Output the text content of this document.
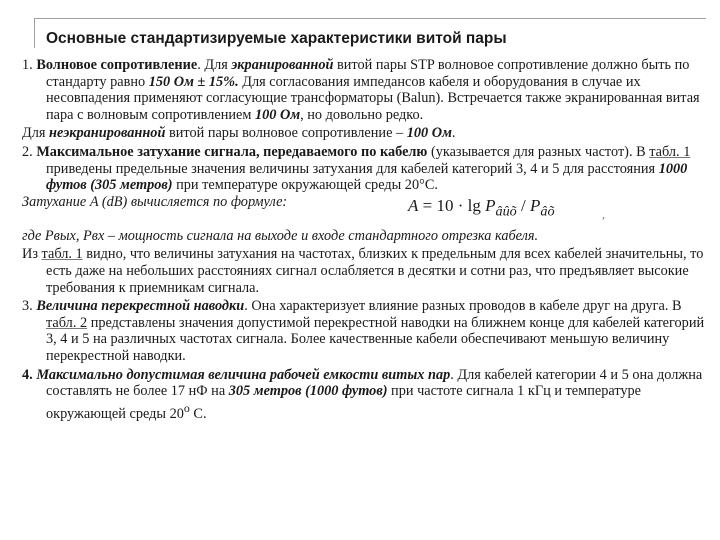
Основные стандартизируемые характеристики витой пары

1. Волновое сопротивление. Для экранированной витой пары STP волновое сопротивление должно быть по стандарту равно 150 Ом ± 15%. Для согласования импедансов кабеля и оборудования в случае их несовпадения применяют согласующие трансформаторы (Balun). Встречается также экранированная витая пара с волновым сопротивлением 100 Ом, но довольно редко.

Для неэкранированной витой пары волновое сопротивление – 100 Ом.

2. Максимальное затухание сигнала, передаваемого по кабелю (указывается для разных частот). В табл. 1 приведены предельные значения величины затухания для кабелей категорий 3, 4 и 5 для расстояния 1000 футов (305 метров) при температуре окружающей среды 20°С.

Затухание A (dB) вычисляется по формуле:	$A = 10 \cdot \lg P_{âûõ} / P_{âõ}$	,

где Рвых, Рвх – мощность сигнала на выходе и входе стандартного отрезка кабеля.

Из табл. 1 видно, что величины затухания на частотах, близких к предельным для всех кабелей значительны, то есть даже на небольших расстояниях сигнал ослабляется в десятки и сотни раз, что предъявляет высокие требования к приемникам сигнала.

3. Величина перекрестной наводки. Она характеризует влияние разных проводов в кабеле друг на друга. В табл. 2 представлены значения допустимой перекрестной наводки на ближнем конце для кабелей категорий 3, 4 и 5 на различных частотах сигнала. Более качественные кабели обеспечивают меньшую величину перекрестной наводки.

4. Максимально допустимая величина рабочей емкости витых пар. Для кабелей категории 4 и 5 она должна составлять не более 17 нФ на 305 метров (1000 футов) при частоте сигнала 1 кГц и температуре окружающей среды $20^о$ С.
